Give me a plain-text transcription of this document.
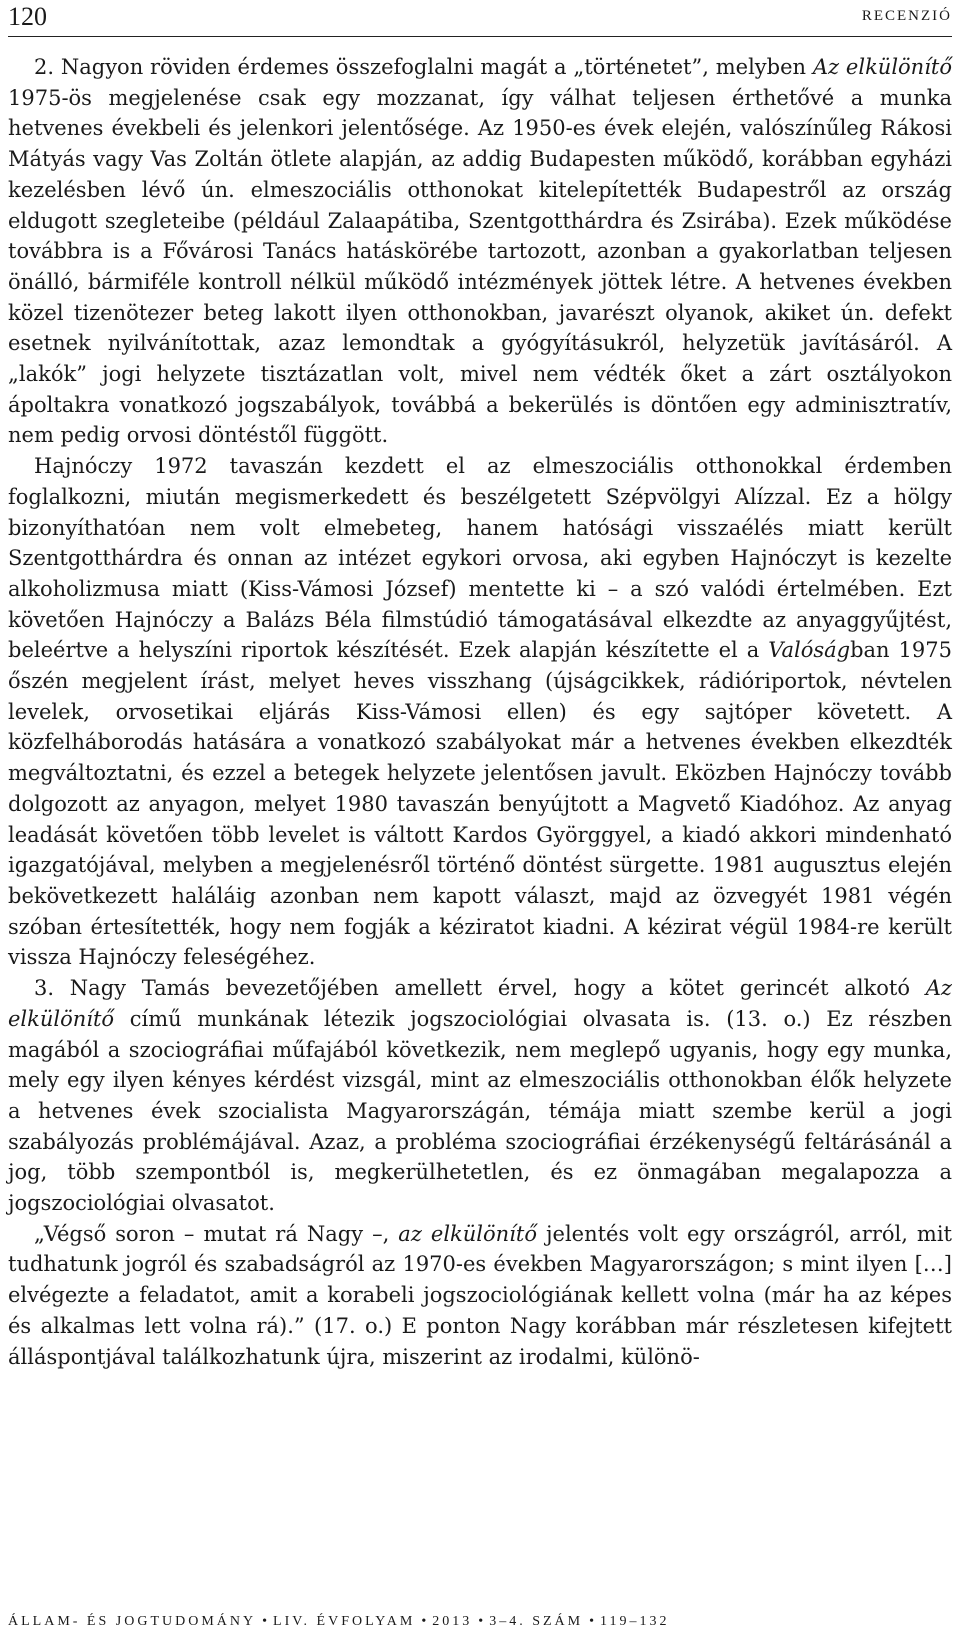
120	RECENZIÓ

2. Nagyon röviden érdemes összefoglalni magát a „történetet”, melyben Az elkülönítő 1975-ös megjelenése csak egy mozzanat, így válhat teljesen érthetővé a munka hetvenes évekbeli és jelenkori jelentősége. Az 1950-es évek elején, valószínűleg Rákosi Mátyás vagy Vas Zoltán ötlete alapján, az addig Budapesten működő, korábban egyházi kezelésben lévő ún. elmeszociális otthonokat kitelepítették Budapestről az ország eldugott szegleteibe (például Zalaapátiba, Szentgotthárdra és Zsirába). Ezek működése továbbra is a Fővárosi Tanács hatáskörébe tartozott, azonban a gyakorlatban teljesen önálló, bármiféle kontroll nélkül működő intézmények jöttek létre. A hetvenes években közel tizenötezer beteg lakott ilyen otthonokban, javarészt olyanok, akiket ún. defekt esetnek nyilvánítottak, azaz lemondtak a gyógyításukról, helyzetük javításáról. A „lakók” jogi helyzete tisztázatlan volt, mivel nem védték őket a zárt osztályokon ápoltakra vonatkozó jogszabályok, továbbá a bekerülés is döntően egy adminisztratív, nem pedig orvosi döntéstől függött.

Hajnóczy 1972 tavaszán kezdett el az elmeszociális otthonokkal érdemben foglalkozni, miután megismerkedett és beszélgetett Szépvölgyi Alízzal. Ez a hölgy bizonyíthatóan nem volt elmebeteg, hanem hatósági visszaélés miatt került Szentgotthárdra és onnan az intézet egykori orvosa, aki egyben Hajnóczyt is kezelte alkoholizmusa miatt (Kiss-Vámosi József) mentette ki – a szó valódi értelmében. Ezt követően Hajnóczy a Balázs Béla filmstúdió támogatásával elkezdte az anyaggyűjtést, beleértve a helyszíni riportok készítését. Ezek alapján készítette el a Valóságban 1975 őszén megjelent írást, melyet heves visszhang (újságcikkek, rádióriportok, névtelen levelek, orvosetikai eljárás Kiss-Vámosi ellen) és egy sajtóper követett. A közfelháborodás hatására a vonatkozó szabályokat már a hetvenes években elkezdték megváltoztatni, és ezzel a betegek helyzete jelentősen javult. Eközben Hajnóczy tovább dolgozott az anyagon, melyet 1980 tavaszán benyújtott a Magvető Kiadóhoz. Az anyag leadását követően több levelet is váltott Kardos Györggyel, a kiadó akkori mindenható igazgatójával, melyben a megjelenésről történő döntést sürgette. 1981 augusztus elején bekövetkezett haláláig azonban nem kapott választ, majd az özvegyét 1981 végén szóban értesítették, hogy nem fogják a kéziratot kiadni. A kézirat végül 1984-re került vissza Hajnóczy feleségéhez.

3. Nagy Tamás bevezetőjében amellett érvel, hogy a kötet gerincét alkotó Az elkülönítő című munkának létezik jogszociológiai olvasata is. (13. o.) Ez részben magából a szociográfiai műfajából következik, nem meglepő ugyanis, hogy egy munka, mely egy ilyen kényes kérdést vizsgál, mint az elmeszociális otthonokban élők helyzete a hetvenes évek szocialista Magyarországán, témája miatt szembe kerül a jogi szabályozás problémájával. Azaz, a probléma szociográfiai érzékenységű feltárásánál a jog, több szempontból is, megkerülhetetlen, és ez önmagában megalapozza a jogszociológiai olvasatot.

„Végső soron – mutat rá Nagy –, az elkülönítő jelentés volt egy országról, arról, mit tudhatunk jogról és szabadságról az 1970-es években Magyarországon; s mint ilyen […] elvégezte a feladatot, amit a korabeli jogszociológiának kellett volna (már ha az képes és alkalmas lett volna rá).” (17. o.) E ponton Nagy korábban már részletesen kifejtett álláspontjával találkozhatunk újra, miszerint az irodalmi, különö-

ÁLLAM- ÉS JOGTUDOMÁNY • LIV. ÉVFOLYAM • 2013 • 3–4. SZÁM • 119–132
